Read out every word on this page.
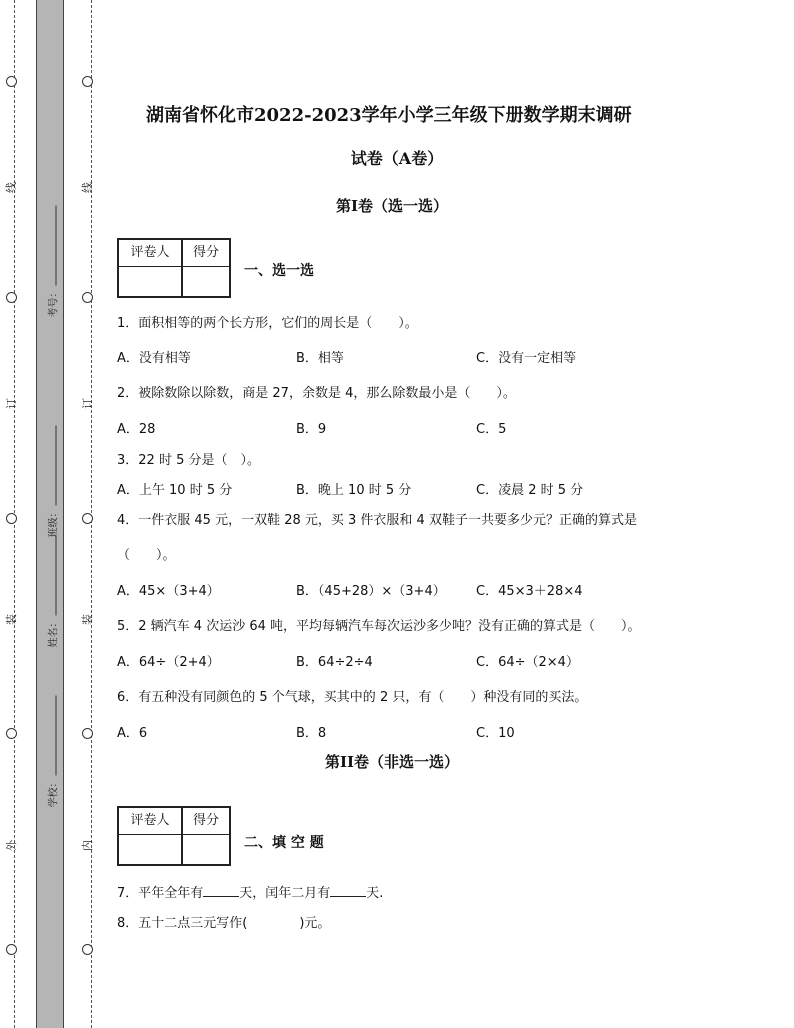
线
订
装
外
线
订
装
内
考号：
班级：
姓名：
学校：
湖南省怀化市2022-2023学年小学三年级下册数学期末调研
试卷（A卷）
第I卷（选一选）
评卷人	得分
一、选一选
1．面积相等的两个长方形，它们的周长是（　　）。
A．没有相等	B．相等	C．没有一定相等
2．被除数除以除数，商是 27，余数是 4，那么除数最小是（　　）。
A．28	B．9	C．5
3．22 时 5 分是（　）。
A．上午 10 时 5 分	B．晚上 10 时 5 分	C．凌晨 2 时 5 分
4．一件衣服 45 元，一双鞋 28 元，买 3 件衣服和 4 双鞋子一共要多少元？正确的算式是
（　　）。
A．45×（3+4）	B．（45+28）×（3+4） C．45×3＋28×4
5．2 辆汽车 4 次运沙 64 吨，平均每辆汽车每次运沙多少吨？没有正确的算式是（　　）。
A．64÷（2+4）	B．64÷2÷4	C．64÷（2×4）
6．有五种没有同颜色的 5 个气球，买其中的 2 只，有（　　）种没有同的买法。
A．6	B．8	C．10
第II卷（非选一选）
评卷人	得分
二、填 空 题
7．平年全年有	天，闰年二月有	天.
8．五十二点三元写作(	)元。
